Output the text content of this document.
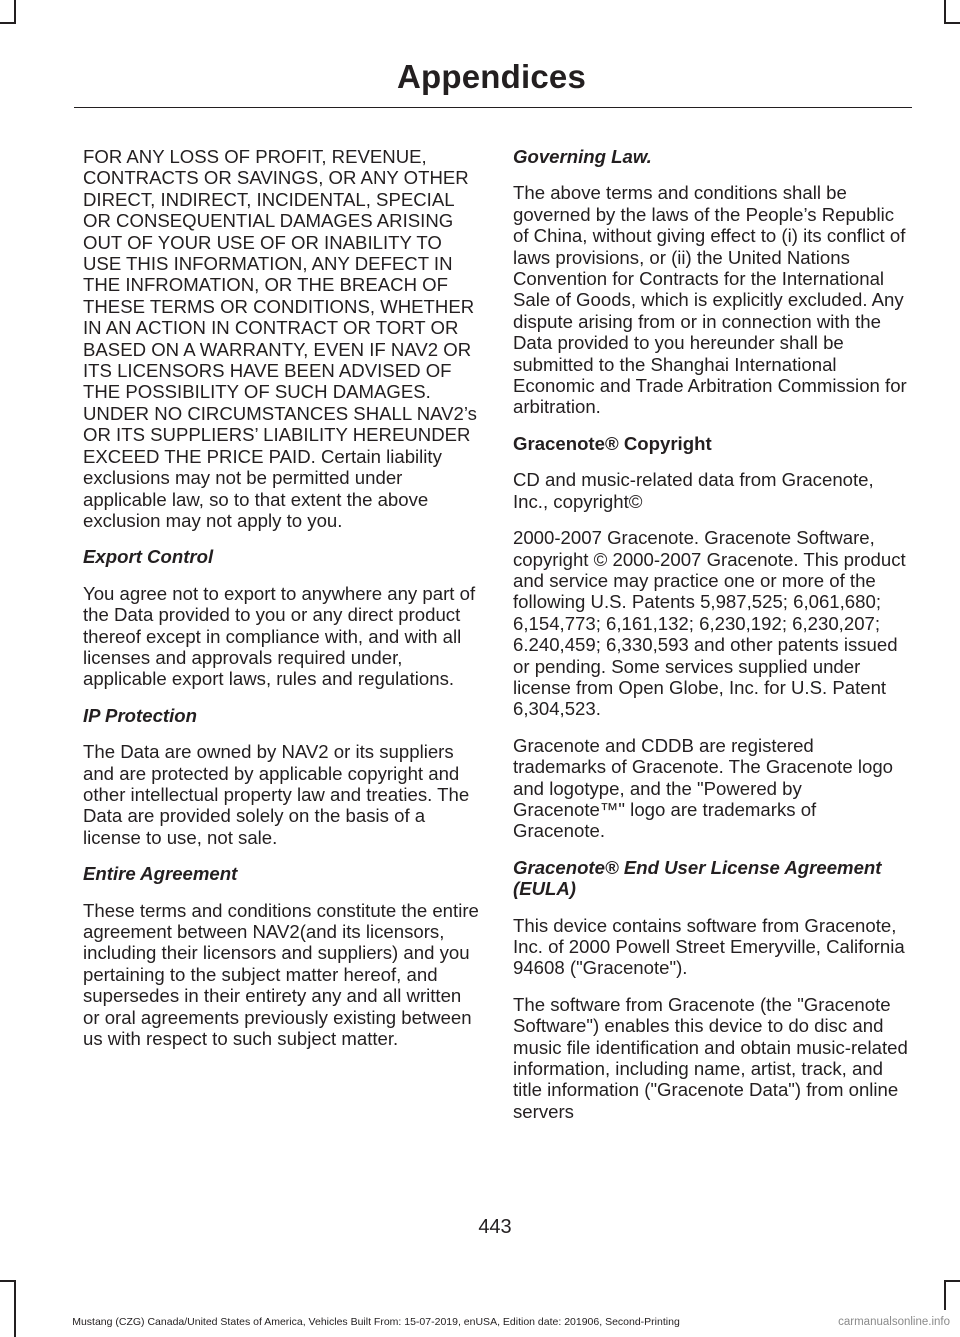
Appendices

FOR ANY LOSS OF PROFIT, REVENUE, CONTRACTS OR SAVINGS, OR ANY OTHER DIRECT, INDIRECT, INCIDENTAL, SPECIAL OR CONSEQUENTIAL DAMAGES ARISING OUT OF YOUR USE OF OR INABILITY TO USE THIS INFORMATION, ANY DEFECT IN THE INFROMATION, OR THE BREACH OF THESE TERMS OR CONDITIONS, WHETHER IN AN ACTION IN CONTRACT OR TORT OR BASED ON A WARRANTY, EVEN IF NAV2 OR ITS LICENSORS HAVE BEEN ADVISED OF THE POSSIBILITY OF SUCH DAMAGES. UNDER NO CIRCUMSTANCES SHALL NAV2’s OR ITS SUPPLIERS’ LIABILITY HEREUNDER EXCEED THE PRICE PAID. Certain liability exclusions may not be permitted under applicable law, so to that extent the above exclusion may not apply to you.

Export Control

You agree not to export to anywhere any part of the Data provided to you or any direct product thereof except in compliance with, and with all licenses and approvals required under, applicable export laws, rules and regulations.

IP Protection

The Data are owned by NAV2 or its suppliers and are protected by applicable copyright and other intellectual property law and treaties. The Data are provided solely on the basis of a license to use, not sale.

Entire Agreement

These terms and conditions constitute the entire agreement between NAV2(and its licensors, including their licensors and suppliers) and you pertaining to the subject matter hereof, and supersedes in their entirety any and all written or oral agreements previously existing between us with respect to such subject matter.

Governing Law.

The above terms and conditions shall be governed by the laws of the People’s Republic of China, without giving effect to (i) its conflict of laws provisions, or (ii) the United Nations Convention for Contracts for the International Sale of Goods, which is explicitly excluded. Any dispute arising from or in connection with the Data provided to you hereunder shall be submitted to the Shanghai International Economic and Trade Arbitration Commission for arbitration.

Gracenote® Copyright

CD and music-related data from Gracenote, Inc., copyright©

2000-2007 Gracenote. Gracenote Software, copyright © 2000-2007 Gracenote. This product and service may practice one or more of the following U.S. Patents 5,987,525; 6,061,680; 6,154,773; 6,161,132; 6,230,192; 6,230,207; 6.240,459; 6,330,593 and other patents issued or pending. Some services supplied under license from Open Globe, Inc. for U.S. Patent 6,304,523.

Gracenote and CDDB are registered trademarks of Gracenote. The Gracenote logo and logotype, and the "Powered by Gracenote™" logo are trademarks of Gracenote.

Gracenote® End User License Agreement (EULA)

This device contains software from Gracenote, Inc. of 2000 Powell Street Emeryville, California 94608 ("Gracenote").

The software from Gracenote (the "Gracenote Software") enables this device to do disc and music file identification and obtain music-related information, including name, artist, track, and title information ("Gracenote Data") from online servers

443

Mustang (CZG) Canada/United States of America, Vehicles Built From: 15-07-2019, enUSA, Edition date: 201906, Second-Printing	carmanualsonline.info
